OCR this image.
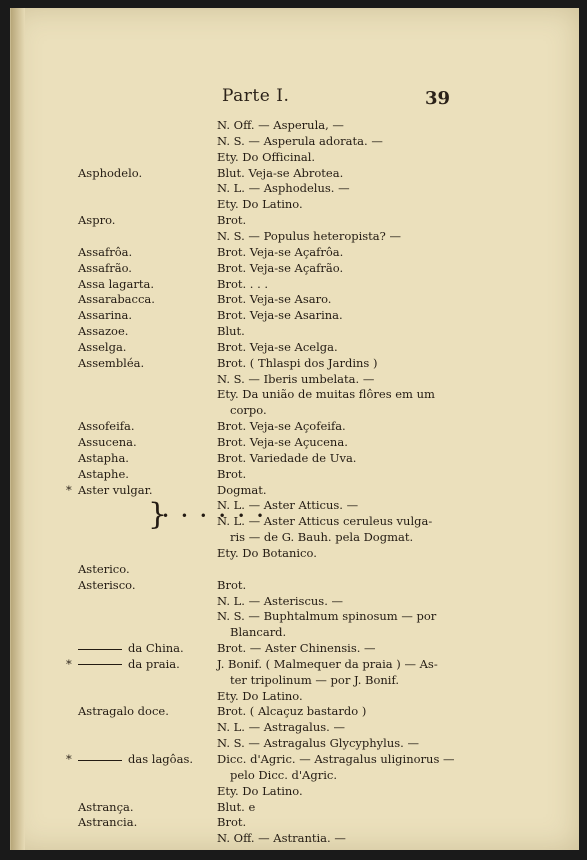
Parte I.	39
N. Off. — Asperula, —
N. S. — Asperula adorata. —
Ety. Do Officinal.
Asphodelo.	Blut. Veja-se Abrotea.
N. L. — Asphodelus. —
Ety. Do Latino.
Aspro.	Brot.
N. S. — Populus heteropista? —
Assafrôa.	Brot. Veja-se Açafrôa.
Assafrão.	Brot. Veja-se Açafrão.
Assa lagarta.	Brot. . . .
Assarabacca.	Brot. Veja-se Asaro.
Assarina.	Brot. Veja-se Asarina.
Assazoe.	Blut.
Asselga.	Brot. Veja-se Acelga.
Assembléa.	Brot. ( Thlaspi dos Jardins )
N. S. — Iberis umbelata. —
Ety. Da união de muitas flôres em um
corpo.
Assofeifa.	Brot. Veja-se Açofeifa.
Assucena.	Brot. Veja-se Açucena.
Astapha.	Brot. Variedade de Uva.
Astaphe.	Brot.
* Aster vulgar.	Dogmat.
N. L. — Aster Atticus. —
N. L. — Aster Atticus ceruleus vulga-
ris — de G. Bauh. pela Dogmat.
Ety. Do Botanico.
Asterico.
Asterisco.	Brot.
N. L. — Asteriscus. —
N. S. — Buphtalmum spinosum — por
Blancard.
da China.	Brot. — Aster Chinensis. —
*	da praia.	J. Bonif. ( Malmequer da praia ) — As-
ter tripolinum — por J. Bonif.
Ety. Do Latino.
Astragalo doce.	Brot. ( Alcaçuz bastardo )
N. L. — Astragalus. —
N. S. — Astragalus Glycyphylus. —
*	das lagôas. Dicc. d'Agric. — Astragalus uliginorus —
pelo Dicc. d'Agric.
Ety. Do Latino.
Astrança.	Blut. e
Astrancia.	Brot.
N. Off. — Astrantia. —
}
• • • • • •
